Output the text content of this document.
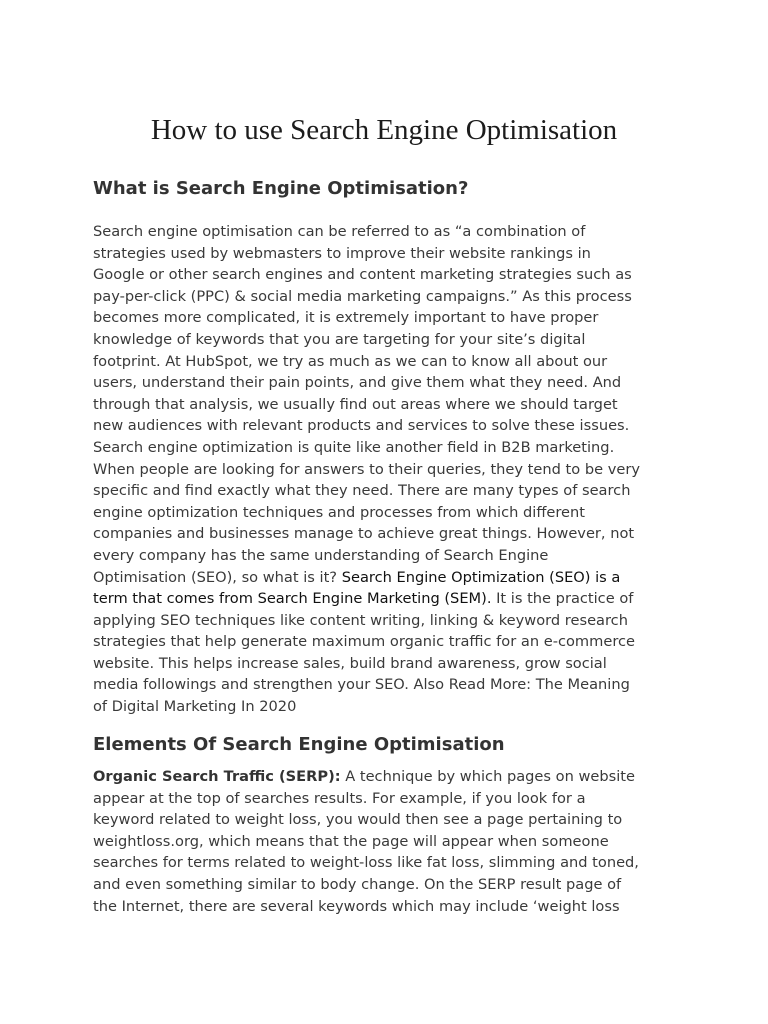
How to use Search Engine Optimisation
What is Search Engine Optimisation?

Search engine optimisation can be referred to as “a combination of
strategies used by webmasters to improve their website rankings in
Google or other search engines and content marketing strategies such as
pay-per-click (PPC) & social media marketing campaigns.” As this process
becomes more complicated, it is extremely important to have proper
knowledge of keywords that you are targeting for your site’s digital
footprint. At HubSpot, we try as much as we can to know all about our
users, understand their pain points, and give them what they need. And
through that analysis, we usually find out areas where we should target
new audiences with relevant products and services to solve these issues.
Search engine optimization is quite like another field in B2B marketing.
When people are looking for answers to their queries, they tend to be very
specific and find exactly what they need. There are many types of search
engine optimization techniques and processes from which different
companies and businesses manage to achieve great things. However, not
every company has the same understanding of Search Engine
Optimisation (SEO), so what is it? Search Engine Optimization (SEO) is a
term that comes from Search Engine Marketing (SEM). It is the practice of
applying SEO techniques like content writing, linking & keyword research
strategies that help generate maximum organic traffic for an e-commerce
website. This helps increase sales, build brand awareness, grow social
media followings and strengthen your SEO. Also Read More: The Meaning
of Digital Marketing In 2020

Elements Of Search Engine Optimisation

Organic Search Traffic (SERP): A technique by which pages on website
appear at the top of searches results. For example, if you look for a
keyword related to weight loss, you would then see a page pertaining to
weightloss.org, which means that the page will appear when someone
searches for terms related to weight-loss like fat loss, slimming and toned,
and even something similar to body change. On the SERP result page of
the Internet, there are several keywords which may include ‘weight loss
